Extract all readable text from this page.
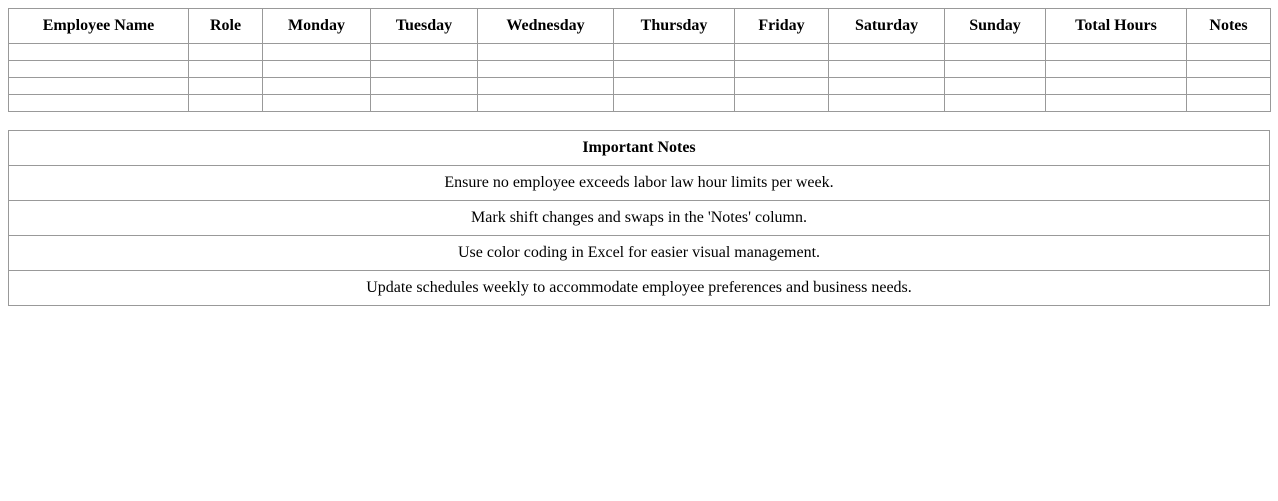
Employee Name	Role	Monday	Tuesday	Wednesday	Thursday	Friday	Saturday	Sunday	Total Hours	Notes

Important Notes
Ensure no employee exceeds labor law hour limits per week.
Mark shift changes and swaps in the 'Notes' column.
Use color coding in Excel for easier visual management.
Update schedules weekly to accommodate employee preferences and business needs.
